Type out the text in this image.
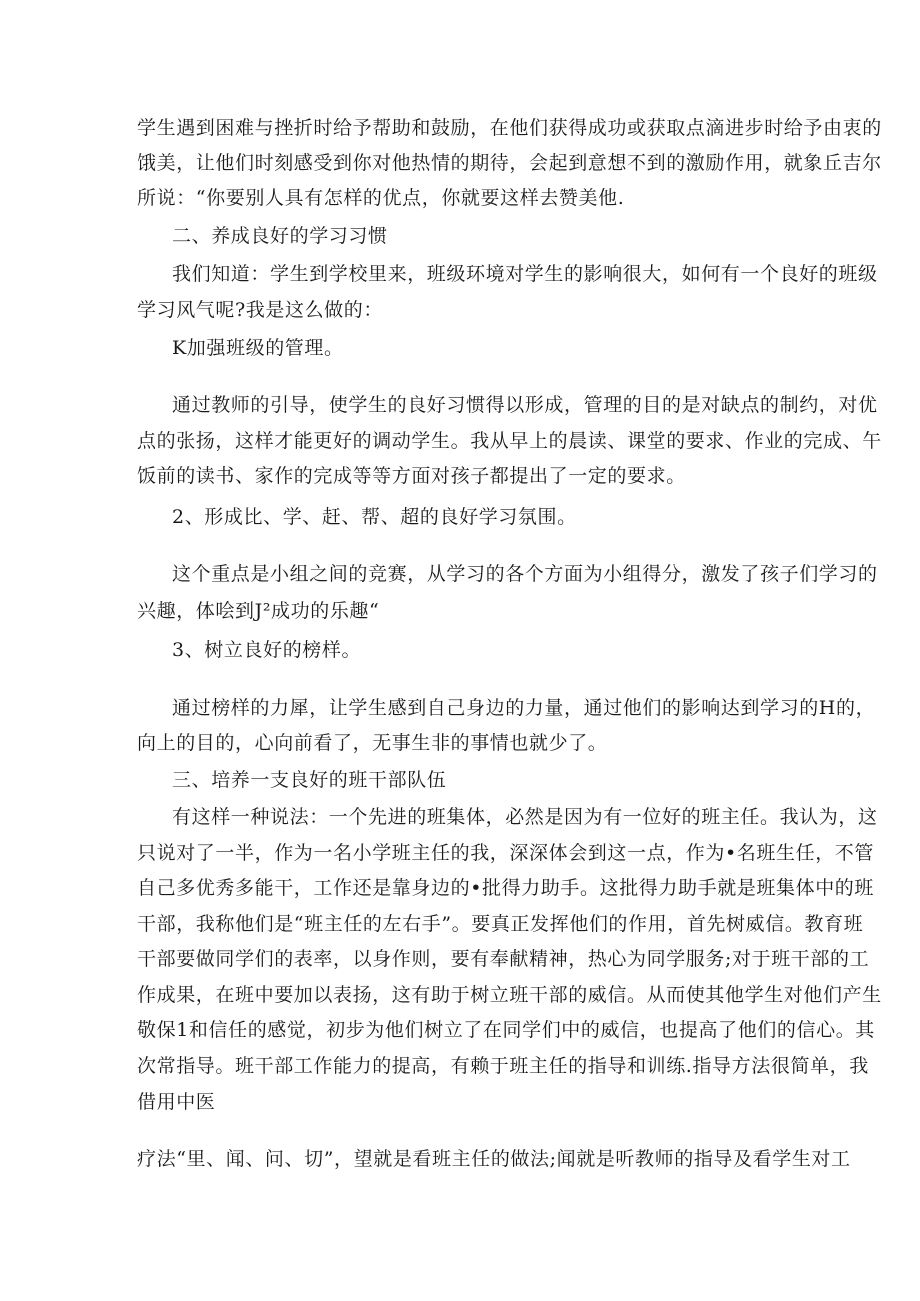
学生遇到困难与挫折时给予帮助和鼓励，在他们获得成功或获取点滴进步时给予由衷的
饿美，让他们时刻感受到你对他热情的期待，会起到意想不到的激励作用，就象丘吉尔
所说：“你要别人具有怎样的优点，你就要这样去赞美他.
二、养成良好的学习习惯
我们知道：学生到学校里来，班级环境对学生的影响很大，如何有一个良好的班级
学习风气呢?我是这么做的：
K加强班级的管理。
通过教师的引导，使学生的良好习惯得以形成，管理的目的是对缺点的制约，对优
点的张扬，这样才能更好的调动学生。我从早上的晨读、课堂的要求、作业的完成、午
饭前的读书、家作的完成等等方面对孩子都提出了一定的要求。
2、形成比、学、赶、帮、超的良好学习氛围。
这个重点是小组之间的竞赛，从学习的各个方面为小组得分，激发了孩子们学习的
兴趣，体哙到J²成功的乐趣“
3、树立良好的榜样。
通过榜样的力犀，让学生感到自己身边的力量，通过他们的影响达到学习的H的，
向上的目的，心向前看了，无事生非的事情也就少了。
三、培养一支良好的班干部队伍
有这样一种说法：一个先进的班集体，必然是因为有一位好的班主任。我认为，这
只说对了一半，作为一名小学班主任的我，深深体会到这一点，作为•名班生任，不管
自己多优秀多能干，工作还是靠身边的•批得力助手。这批得力助手就是班集体中的班
干部，我称他们是“班主任的左右手”。要真正发挥他们的作用，首先树威信。教育班
干部要做同学们的表率，以身作则，要有奉献精神，热心为同学服务;对于班干部的工
作成果，在班中要加以表扬，这有助于树立班干部的威信。从而使其他学生对他们产生
敬保1和信任的感觉，初步为他们树立了在同学们中的威信，也提高了他们的信心。其
次常指导。班干部工作能力的提高，有赖于班主任的指导和训练.指导方法很简单，我
借用中医
疗法“里、闻、问、切”，望就是看班主任的做法;闻就是听教师的指导及看学生对工
